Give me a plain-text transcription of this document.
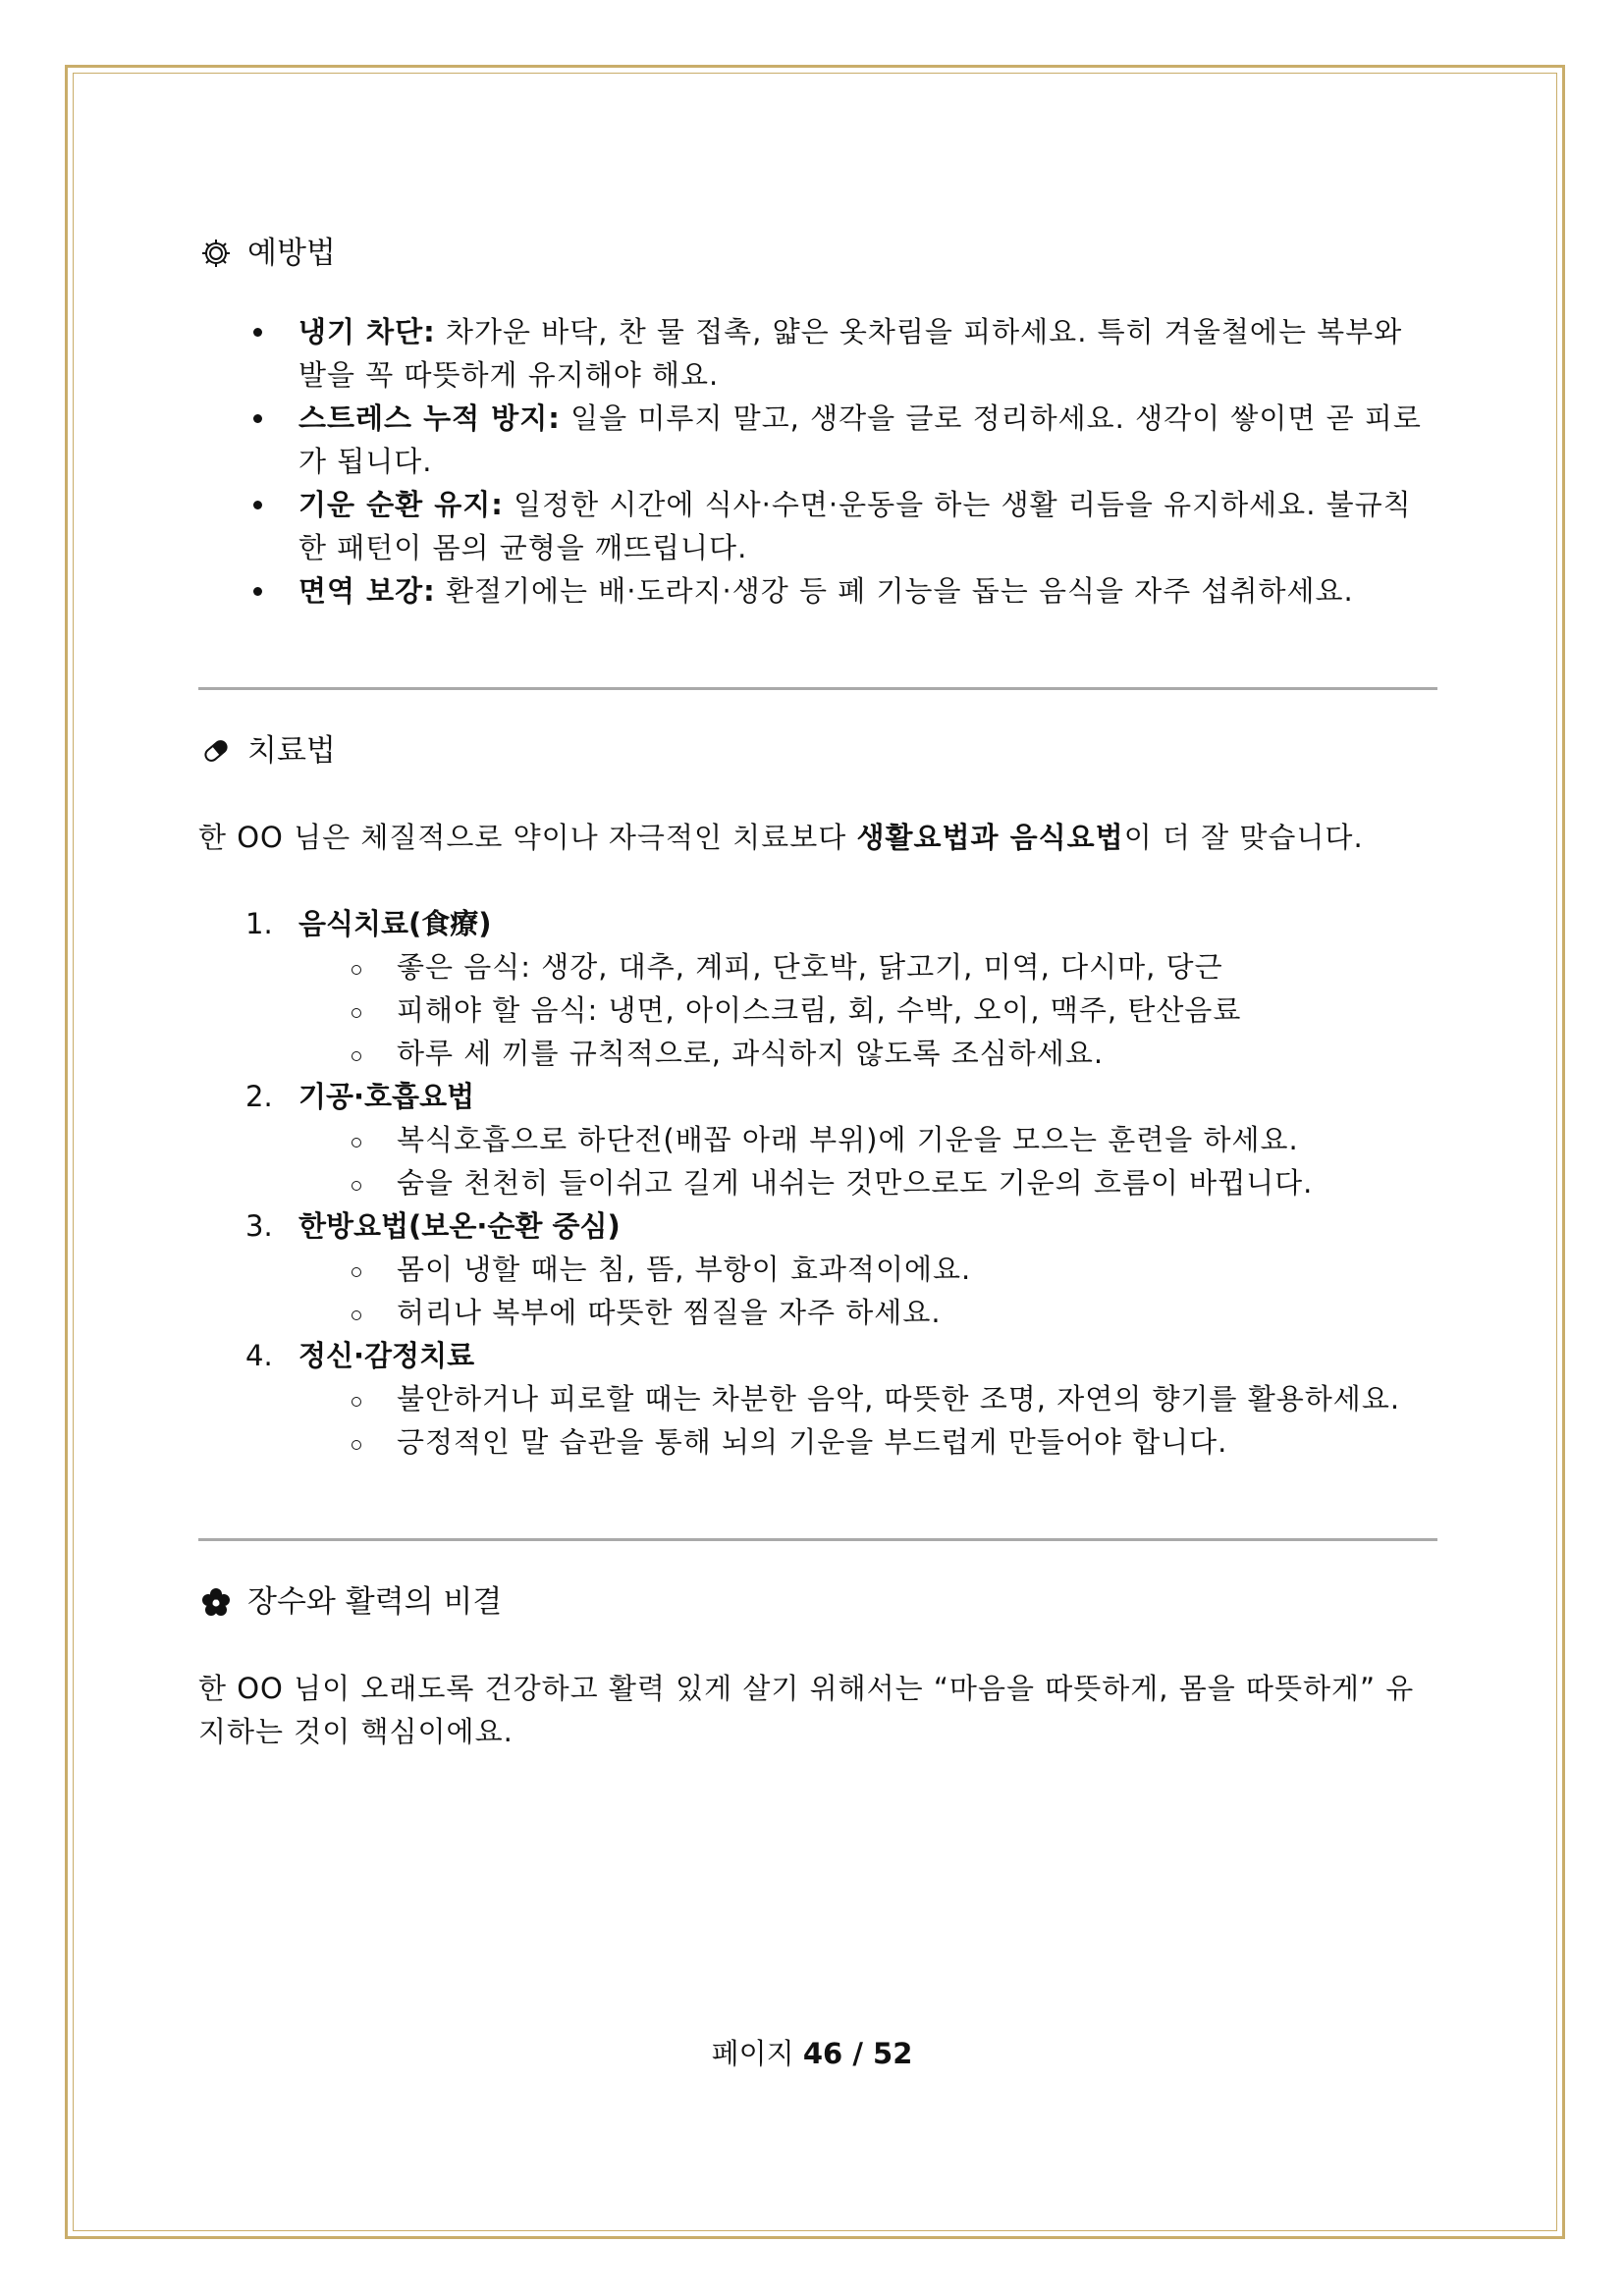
예방법
냉기 차단: 차가운 바닥, 찬 물 접촉, 얇은 옷차림을 피하세요. 특히 겨울철에는 복부와 발을 꼭 따뜻하게 유지해야 해요.
스트레스 누적 방지: 일을 미루지 말고, 생각을 글로 정리하세요. 생각이 쌓이면 곧 피로가 됩니다.
기운 순환 유지: 일정한 시간에 식사·수면·운동을 하는 생활 리듬을 유지하세요. 불규칙한 패턴이 몸의 균형을 깨뜨립니다.
면역 보강: 환절기에는 배·도라지·생강 등 폐 기능을 돕는 음식을 자주 섭취하세요.
치료법

한 OO 님은 체질적으로 약이나 자극적인 치료보다 생활요법과 음식요법이 더 잘 맞습니다.

1. 음식치료(食療)
좋은 음식: 생강, 대추, 계피, 단호박, 닭고기, 미역, 다시마, 당근
피해야 할 음식: 냉면, 아이스크림, 회, 수박, 오이, 맥주, 탄산음료
하루 세 끼를 규칙적으로, 과식하지 않도록 조심하세요.
2. 기공·호흡요법
복식호흡으로 하단전(배꼽 아래 부위)에 기운을 모으는 훈련을 하세요.
숨을 천천히 들이쉬고 길게 내쉬는 것만으로도 기운의 흐름이 바뀝니다.
3. 한방요법(보온·순환 중심)
몸이 냉할 때는 침, 뜸, 부항이 효과적이에요.
허리나 복부에 따뜻한 찜질을 자주 하세요.
4. 정신·감정치료
불안하거나 피로할 때는 차분한 음악, 따뜻한 조명, 자연의 향기를 활용하세요.
긍정적인 말 습관을 통해 뇌의 기운을 부드럽게 만들어야 합니다.
장수와 활력의 비결

한 OO 님이 오래도록 건강하고 활력 있게 살기 위해서는 “마음을 따뜻하게, 몸을 따뜻하게” 유지하는 것이 핵심이에요.

페이지 46 / 52
